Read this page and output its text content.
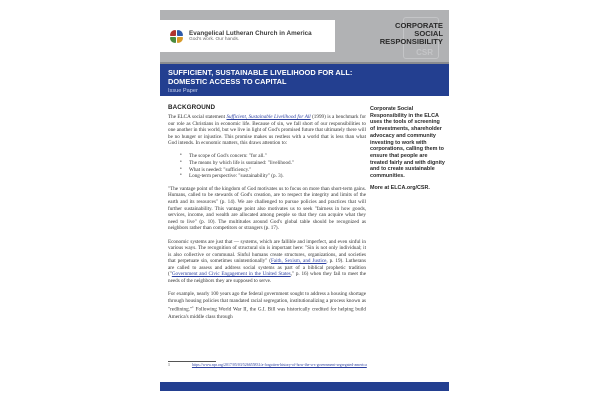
Evangelical Lutheran Church in America
God's work. Our hands.
CSR
CORPORATE
SOCIAL
RESPONSIBILITY
SUFFICIENT, SUSTAINABLE LIVELIHOOD FOR ALL:
DOMESTIC ACCESS TO CAPITAL
Issue Paper
BACKGROUND

The ELCA social statement Sufficient, Sustainable Livelihood for All (1999) is a benchmark for our role as Christians in economic life. Because of sin, we fall short of our responsibilities to one another in this world, but we live in light of God's promised future that ultimately there will be no hunger or injustice. This promise makes us restless with a world that is less than what God intends. In economic matters, this draws attention to:

• The scope of God's concern: "for all."
• The means by which life is sustained: "livelihood."
• What is needed: "sufficiency."
• Long-term perspective: "sustainability" (p. 3).

"The vantage point of the kingdom of God motivates us to focus on more than short-term gains. Humans, called to be stewards of God's creation, are to respect the integrity and limits of the earth and its resources" (p. 14). We are challenged to pursue policies and practices that will further sustainability. This vantage point also motivates us to seek "fairness in how goods, services, income, and wealth are allocated among people so that they can acquire what they need to live" (p. 10). The multitudes around God's global table should be recognized as neighbors rather than competitors or strangers (p. 17).

Economic systems are just that — systems, which are fallible and imperfect, and even sinful in various ways. The recognition of structural sin is important here: "Sin is not only individual; it is also collective or communal. Sinful humans create structures, organizations, and societies that perpetuate sin, sometimes unintentionally" (Faith, Sexism, and Justice, p. 19). Lutherans are called to assess and address social systems as part of a biblical prophetic tradition ("Government and Civic Engagement in the United States," p. 16) when they fail to meet the needs of the neighbors they are supposed to serve.

For example, nearly 100 years ago the federal government sought to address a housing shortage through housing policies that mandated racial segregation, institutionalizing a process known as "redlining."$^1$ Following World War II, the G.I. Bill was historically credited for helping build America's middle class through

Corporate Social Responsibility in the ELCA uses the tools of screening of investments, shareholder advocacy and community investing to work with corporations, calling them to ensure that people are treated fairly and with dignity and to create sustainable communities.

More at ELCA.org/CSR.

1	https://www.npr.org/2017/05/03/526655831/a-forgotten-history-of-how-the-u-s-government-segregated-america
